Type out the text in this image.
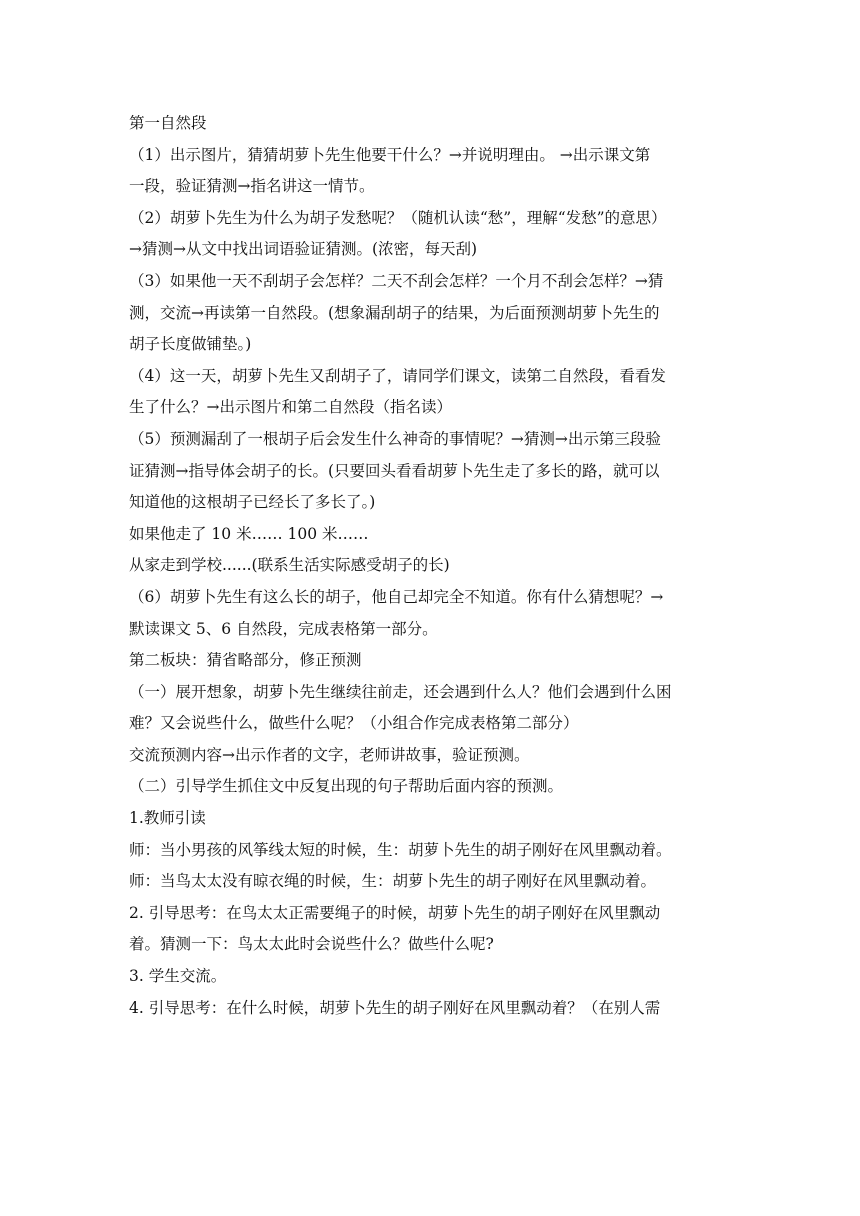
第一自然段
（1）出示图片，猜猜胡萝卜先生他要干什么？→并说明理由。 →出示课文第
一段，验证猜测→指名讲这一情节。
（2）胡萝卜先生为什么为胡子发愁呢？（随机认读“愁”，理解“发愁”的意思）
→猜测→从文中找出词语验证猜测。(浓密，每天刮)
（3）如果他一天不刮胡子会怎样？二天不刮会怎样？一个月不刮会怎样？→猜
测，交流→再读第一自然段。(想象漏刮胡子的结果，为后面预测胡萝卜先生的
胡子长度做铺垫。)
（4）这一天，胡萝卜先生又刮胡子了，请同学们课文，读第二自然段，看看发
生了什么？→出示图片和第二自然段（指名读）
（5）预测漏刮了一根胡子后会发生什么神奇的事情呢？→猜测→出示第三段验
证猜测→指导体会胡子的长。(只要回头看看胡萝卜先生走了多长的路，就可以
知道他的这根胡子已经长了多长了。)
如果他走了 10 米…… 100 米……
从家走到学校......(联系生活实际感受胡子的长)
（6）胡萝卜先生有这么长的胡子，他自己却完全不知道。你有什么猜想呢？→
默读课文 5、6 自然段，完成表格第一部分。
第二板块：猜省略部分，修正预测
（一）展开想象，胡萝卜先生继续往前走，还会遇到什么人？他们会遇到什么困
难？又会说些什么，做些什么呢？（小组合作完成表格第二部分）
交流预测内容→出示作者的文字，老师讲故事，验证预测。
（二）引导学生抓住文中反复出现的句子帮助后面内容的预测。
1.教师引读
师：当小男孩的风筝线太短的时候，生：胡萝卜先生的胡子刚好在风里飘动着。
师：当鸟太太没有晾衣绳的时候，生：胡萝卜先生的胡子刚好在风里飘动着。
2. 引导思考：在鸟太太正需要绳子的时候，胡萝卜先生的胡子刚好在风里飘动
着。猜测一下：鸟太太此时会说些什么？做些什么呢?
3. 学生交流。
4. 引导思考：在什么时候，胡萝卜先生的胡子刚好在风里飘动着？（在别人需
